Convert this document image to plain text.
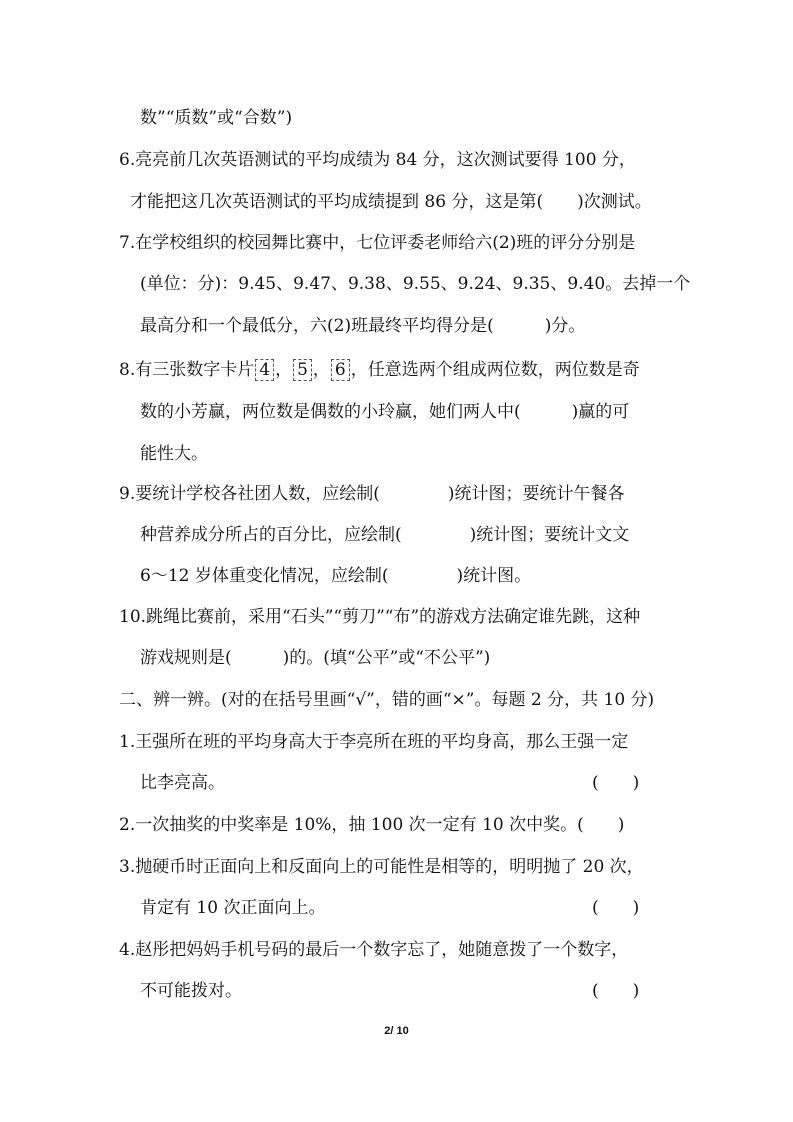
数”“质数”或“合数”)
6.亮亮前几次英语测试的平均成绩为 84 分，这次测试要得 100 分，
才能把这几次英语测试的平均成绩提到 86 分，这是第(　　)次测试。
7.在学校组织的校园舞比赛中，七位评委老师给六(2)班的评分分别是
(单位：分)：9.45、9.47、9.38、9.55、9.24、9.35、9.40。去掉一个
最高分和一个最低分，六(2)班最终平均得分是(　　　)分。
8.有三张数字卡片 4 ， 5 ， 6 ，任意选两个组成两位数，两位数是奇
数的小芳赢，两位数是偶数的小玲赢，她们两人中(　　　)赢的可
能性大。
9.要统计学校各社团人数，应绘制(　　　　)统计图；要统计午餐各
种营养成分所占的百分比，应绘制(　　　　)统计图；要统计文文
6～12 岁体重变化情况，应绘制(　　　　)统计图。
10.跳绳比赛前，采用“石头”“剪刀”“布”的游戏方法确定谁先跳，这种
游戏规则是(　　　)的。(填“公平”或“不公平”)
二、辨一辨。(对的在括号里画“√”，错的画“×”。每题 2 分，共 10 分)
1.王强所在班的平均身高大于李亮所在班的平均身高，那么王强一定
比李亮高。	(　　)
2.一次抽奖的中奖率是 10%，抽 100 次一定有 10 次中奖。(　　)
3.抛硬币时正面向上和反面向上的可能性是相等的，明明抛了 20 次，
肯定有 10 次正面向上。	(　　)
4.赵彤把妈妈手机号码的最后一个数字忘了，她随意拨了一个数字，
不可能拨对。	(　　)
2/ 10
